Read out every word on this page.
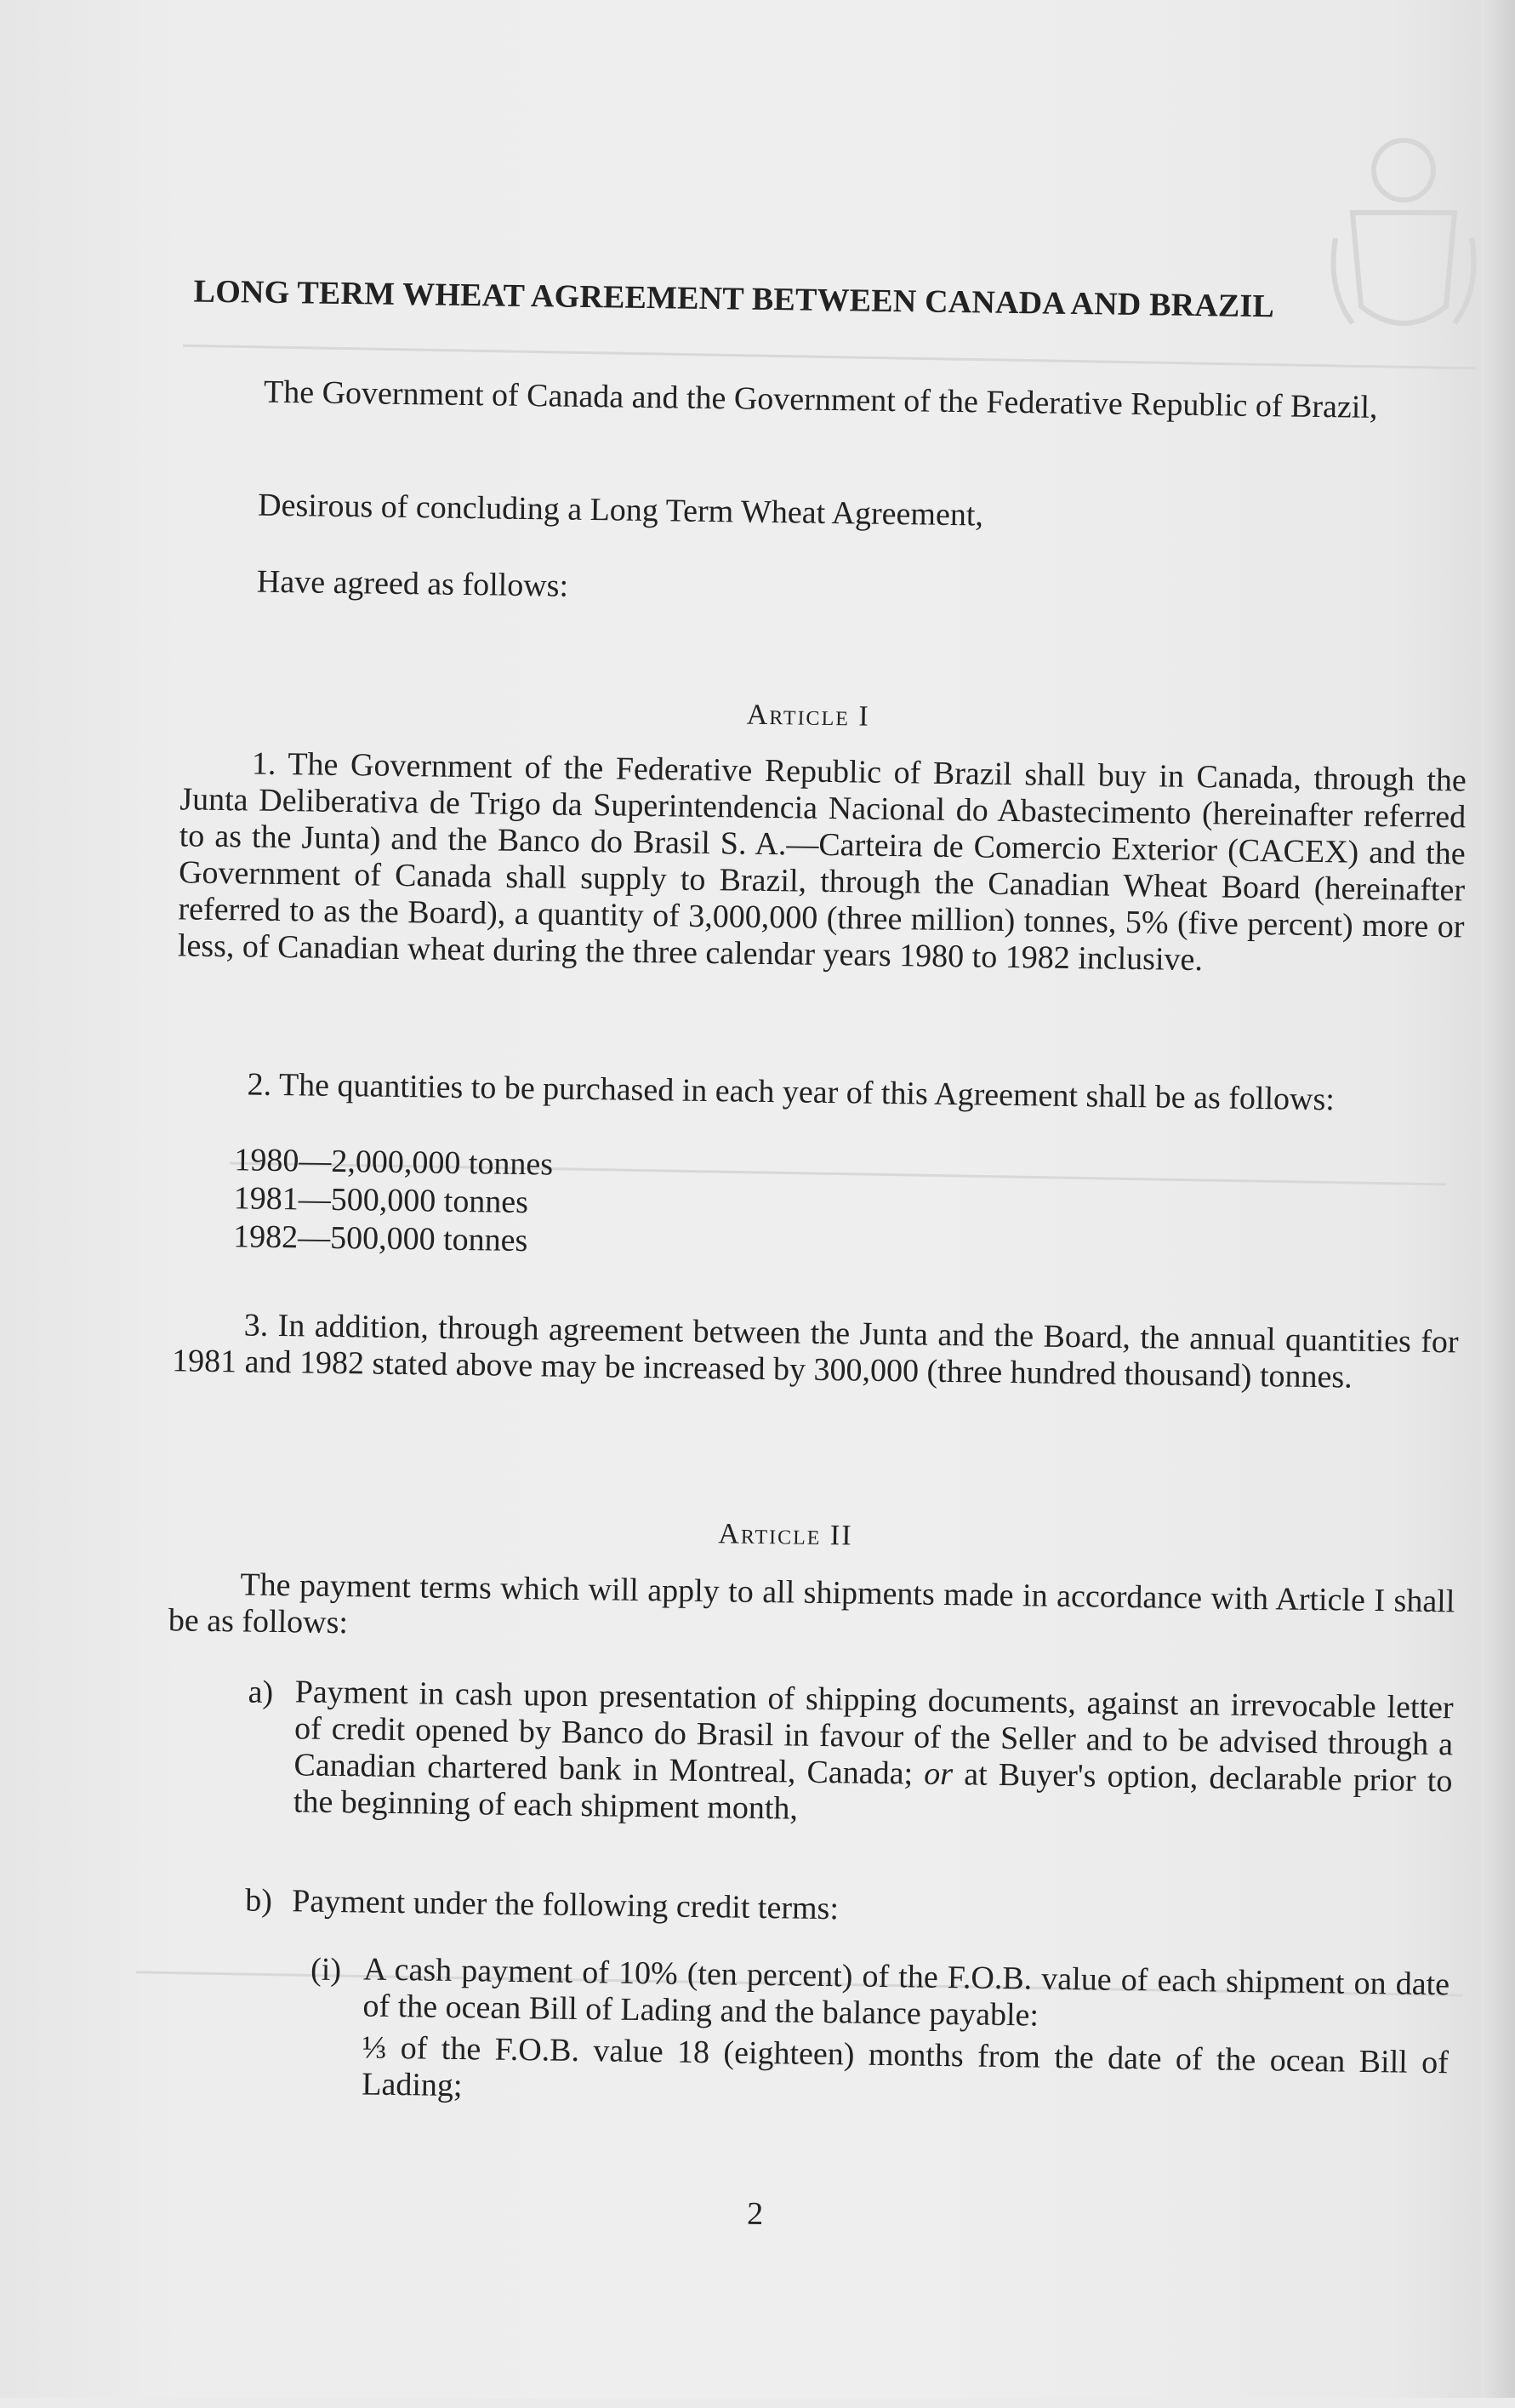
LONG TERM WHEAT AGREEMENT BETWEEN CANADA AND BRAZIL

The Government of Canada and the Government of the Federative Republic of Brazil,

Desirous of concluding a Long Term Wheat Agreement,

Have agreed as follows:

Article I

1. The Government of the Federative Republic of Brazil shall buy in Canada, through the Junta Deliberativa de Trigo da Superintendencia Nacional do Abastecimento (hereinafter referred to as the Junta) and the Banco do Brasil S. A.—Carteira de Comercio Exterior (CACEX) and the Government of Canada shall supply to Brazil, through the Canadian Wheat Board (hereinafter referred to as the Board), a quantity of 3,000,000 (three million) tonnes, 5% (five percent) more or less, of Canadian wheat during the three calendar years 1980 to 1982 inclusive.

2. The quantities to be purchased in each year of this Agreement shall be as follows:

1980—2,000,000 tonnes
1981—500,000 tonnes
1982—500,000 tonnes

3. In addition, through agreement between the Junta and the Board, the annual quantities for 1981 and 1982 stated above may be increased by 300,000 (three hundred thousand) tonnes.

Article II

The payment terms which will apply to all shipments made in accordance with Article I shall be as follows:

a) Payment in cash upon presentation of shipping documents, against an irrevocable letter of credit opened by Banco do Brasil in favour of the Seller and to be advised through a Canadian chartered bank in Montreal, Canada; or at Buyer's option, declarable prior to the beginning of each shipment month,

b) Payment under the following credit terms:

(i) A cash payment of 10% (ten percent) of the F.O.B. value of each shipment on date of the ocean Bill of Lading and the balance payable:

⅓ of the F.O.B. value 18 (eighteen) months from the date of the ocean Bill of Lading;

2
